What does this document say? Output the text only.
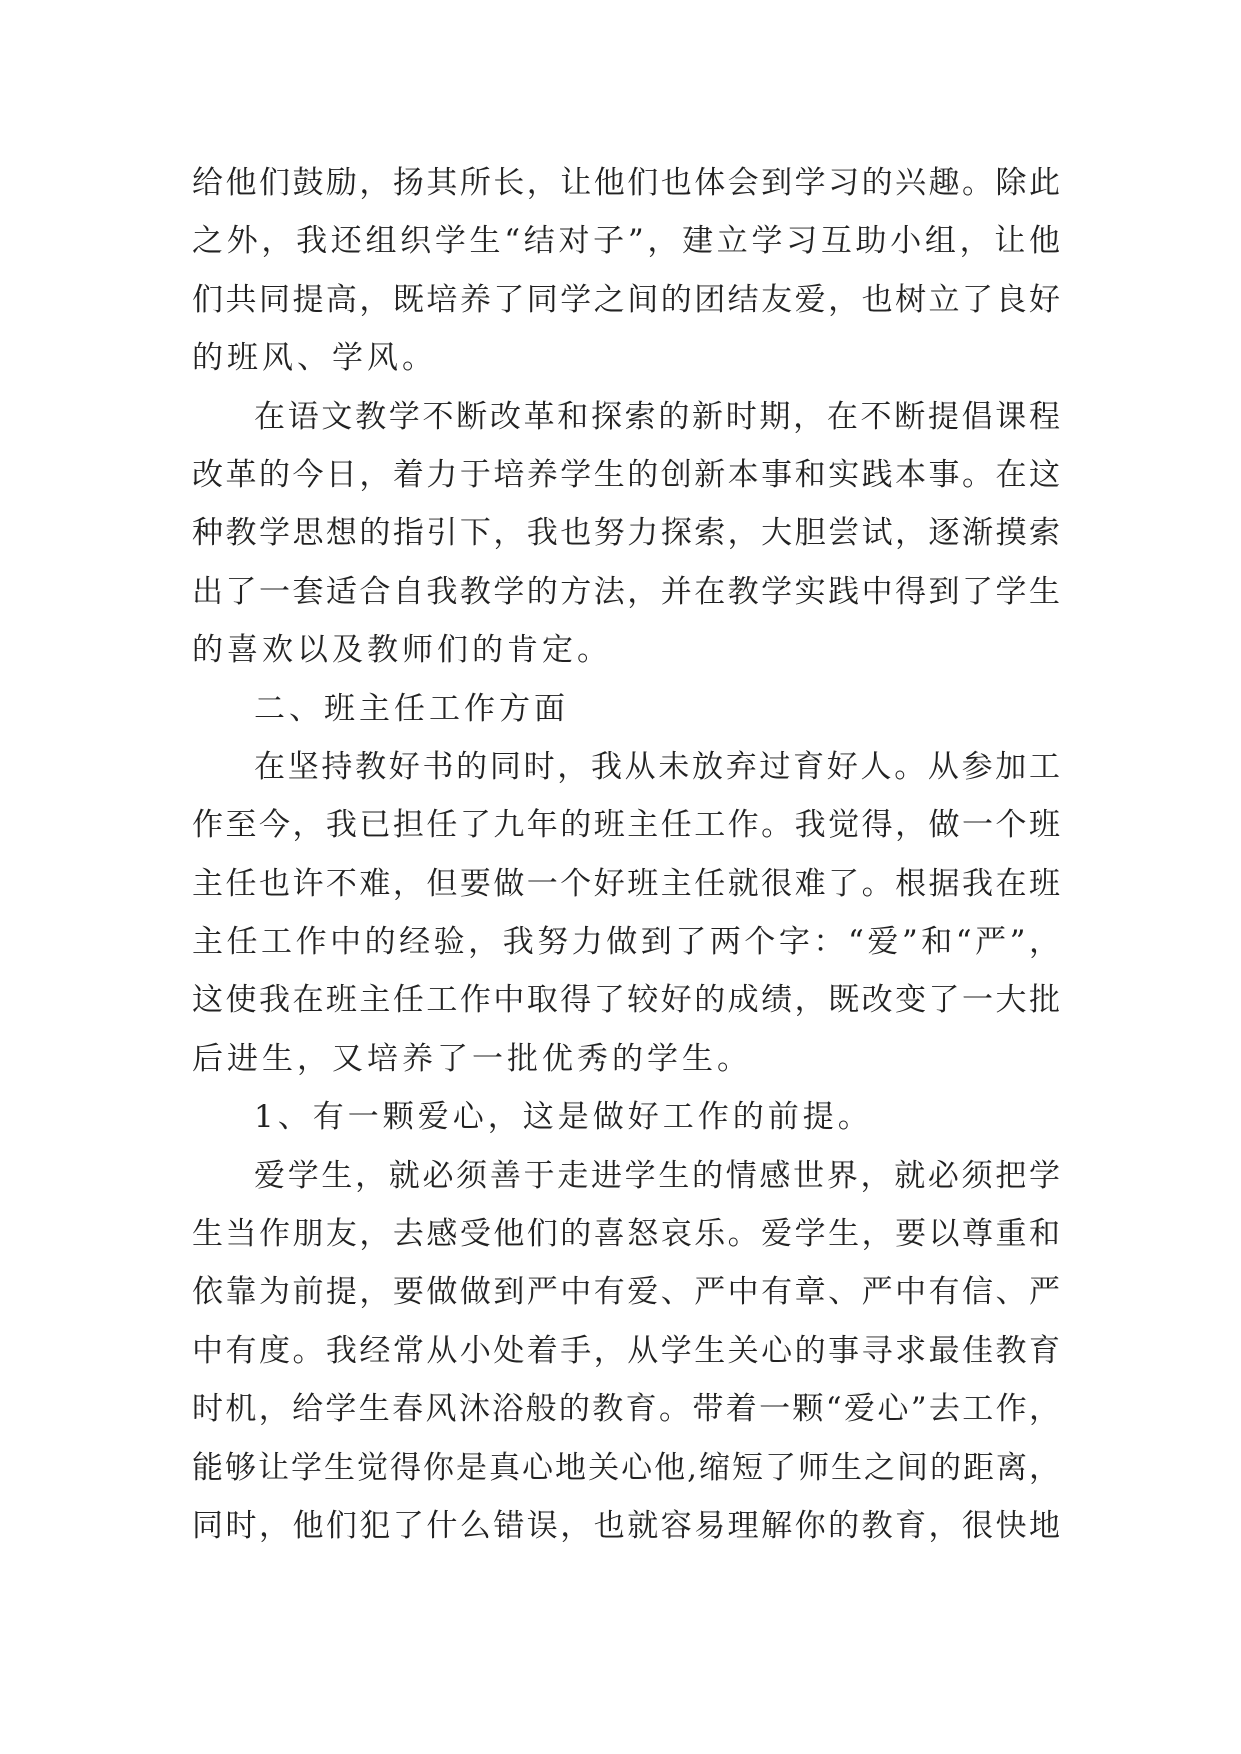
给他们鼓励，扬其所长，让他们也体会到学习的兴趣。除此
之外，我还组织学生“结对子”，建立学习互助小组，让他
们共同提高，既培养了同学之间的团结友爱，也树立了良好
的班风、学风。
在语文教学不断改革和探索的新时期，在不断提倡课程
改革的今日，着力于培养学生的创新本事和实践本事。在这
种教学思想的指引下，我也努力探索，大胆尝试，逐渐摸索
出了一套适合自我教学的方法，并在教学实践中得到了学生
的喜欢以及教师们的肯定。
二、班主任工作方面
在坚持教好书的同时，我从未放弃过育好人。从参加工
作至今，我已担任了九年的班主任工作。我觉得，做一个班
主任也许不难，但要做一个好班主任就很难了。根据我在班
主任工作中的经验，我努力做到了两个字：“爱”和“严”，
这使我在班主任工作中取得了较好的成绩，既改变了一大批
后进生，又培养了一批优秀的学生。
1、有一颗爱心，这是做好工作的前提。
爱学生，就必须善于走进学生的情感世界，就必须把学
生当作朋友，去感受他们的喜怒哀乐。爱学生，要以尊重和
依靠为前提，要做做到严中有爱、严中有章、严中有信、严
中有度。我经常从小处着手，从学生关心的事寻求最佳教育
时机，给学生春风沐浴般的教育。带着一颗“爱心”去工作，
能够让学生觉得你是真心地关心他,缩短了师生之间的距离，
同时，他们犯了什么错误，也就容易理解你的教育，很快地
